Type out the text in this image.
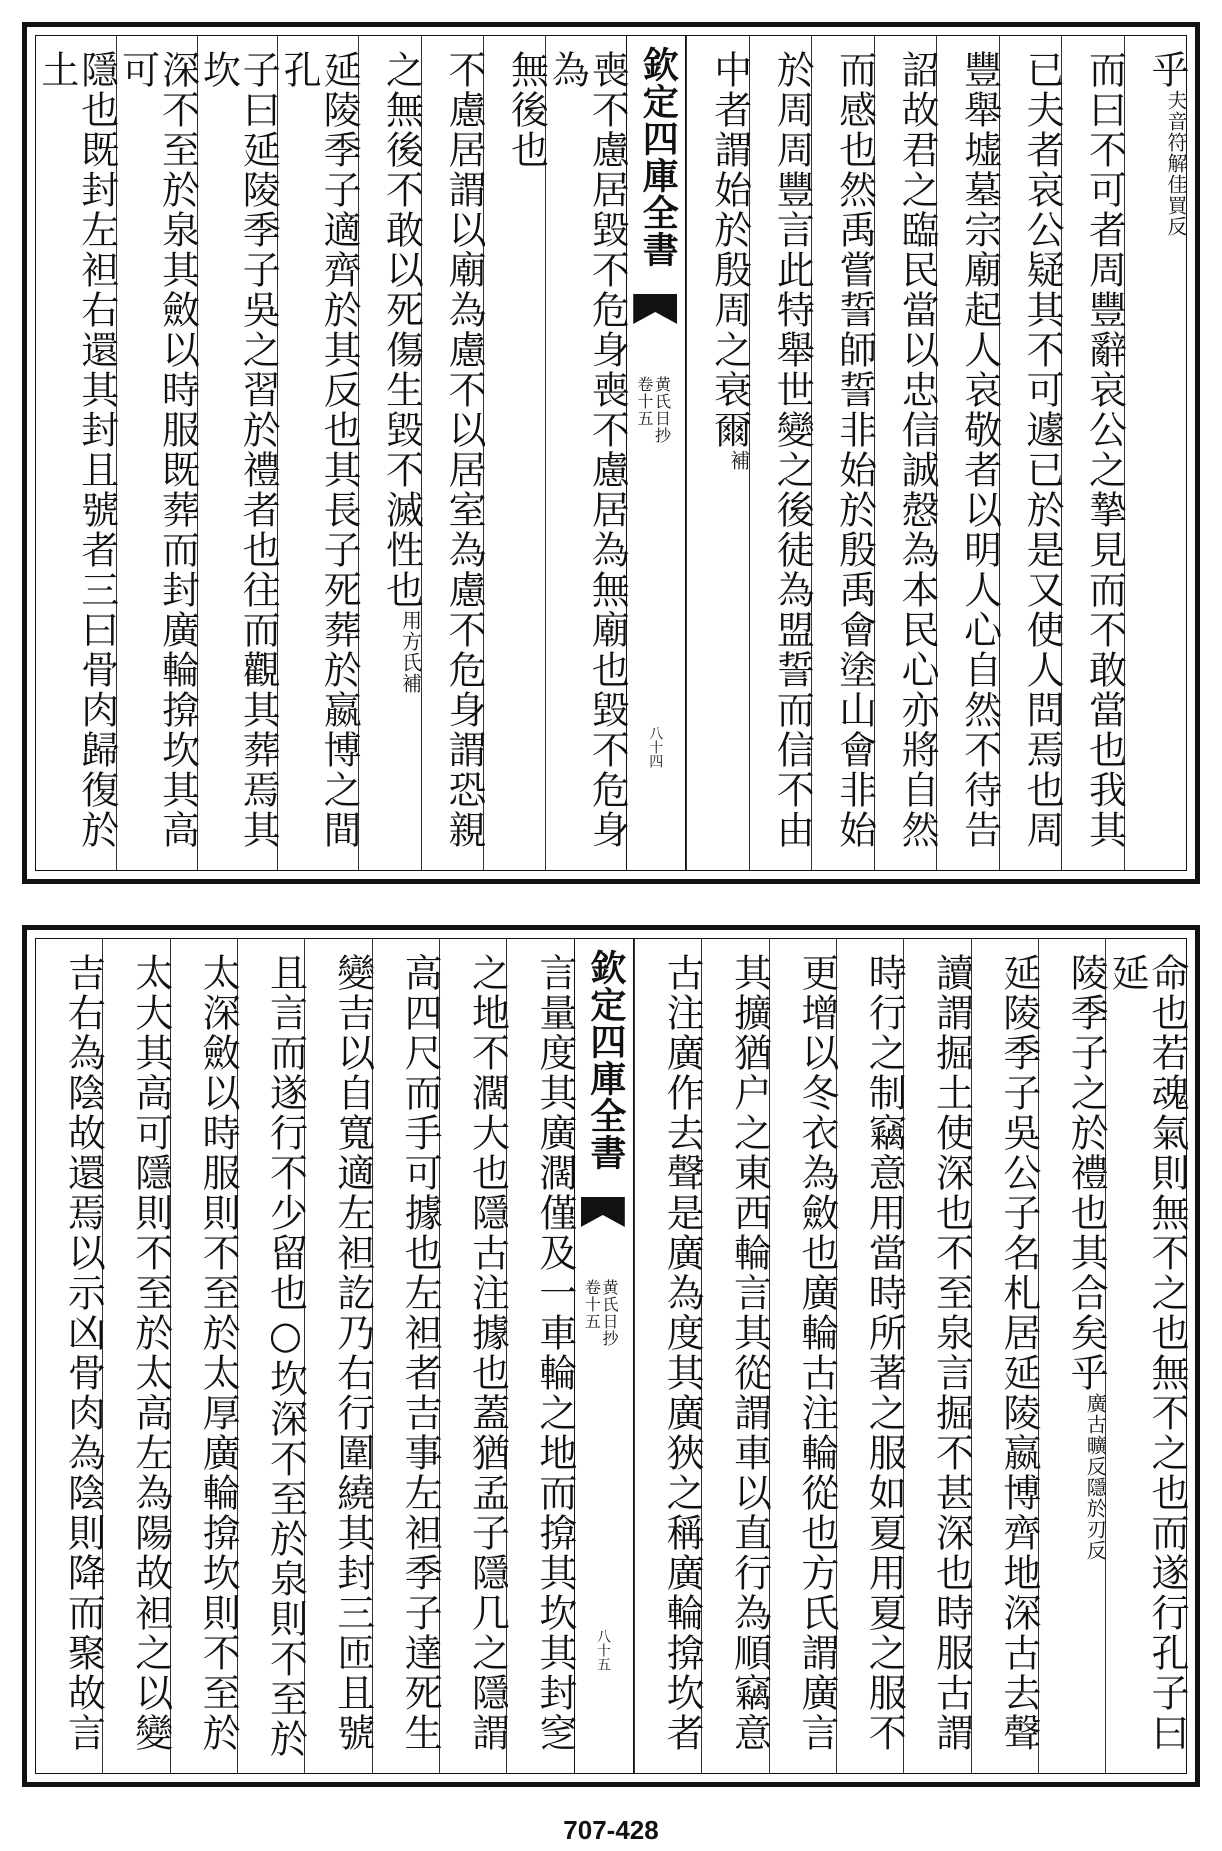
乎夫音符解佳買反
而曰不可者周豐辭哀公之摯見而不敢當也我其
已夫者哀公疑其不可遽已於是又使人問焉也周
豐舉墟墓宗廟起人哀敬者以明人心自然不待告
詔故君之臨民當以忠信誠慤為本民心亦將自然
而感也然禹嘗誓師誓非始於殷禹會塗山會非始
於周周豐言此特舉世變之後徒為盟誓而信不由
中者謂始於殷周之衰爾補
欽定四庫全書
黄氏日抄
卷十五
八十四
喪不慮居毀不危身喪不慮居為無廟也毀不危身為
無後也
不慮居謂以廟為慮不以居室為慮不危身謂恐親
之無後不敢以死傷生毀不滅性也用方氏補
延陵季子適齊於其反也其長子死葬於嬴博之間孔
子曰延陵季子吳之習於禮者也往而觀其葬焉其坎
深不至於泉其斂以時服既葬而封廣輪揜坎其高可
隱也既封左袒右還其封且號者三曰骨肉歸復於土
命也若魂氣則無不之也無不之也而遂行孔子曰延
陵季子之於禮也其合矣乎廣古曠反隱於刃反
延陵季子吳公子名札居延陵嬴博齊地深古去聲
讀謂掘土使深也不至泉言掘不甚深也時服古謂
時行之制竊意用當時所著之服如夏用夏之服不
更增以冬衣為斂也廣輪古注輪從也方氏謂廣言
其擴猶户之東西輪言其從謂車以直行為順竊意
古注廣作去聲是廣為度其廣狹之稱廣輪揜坎者
欽定四庫全書
黄氏日抄
卷十五
八十五
言量度其廣濶僅及一車輪之地而揜其坎其封窆
之地不濶大也隱古注據也蓋猶孟子隱几之隱謂
高四尺而手可據也左袒者吉事左袒季子達死生
變吉以自寬適左袒訖乃右行圍繞其封三匝且號
且言而遂行不少留也○坎深不至於泉則不至於
太深斂以時服則不至於太厚廣輪揜坎則不至於
太大其高可隱則不至於太高左為陽故袒之以變
吉右為陰故還焉以示凶骨肉為陰則降而聚故言
707-428
